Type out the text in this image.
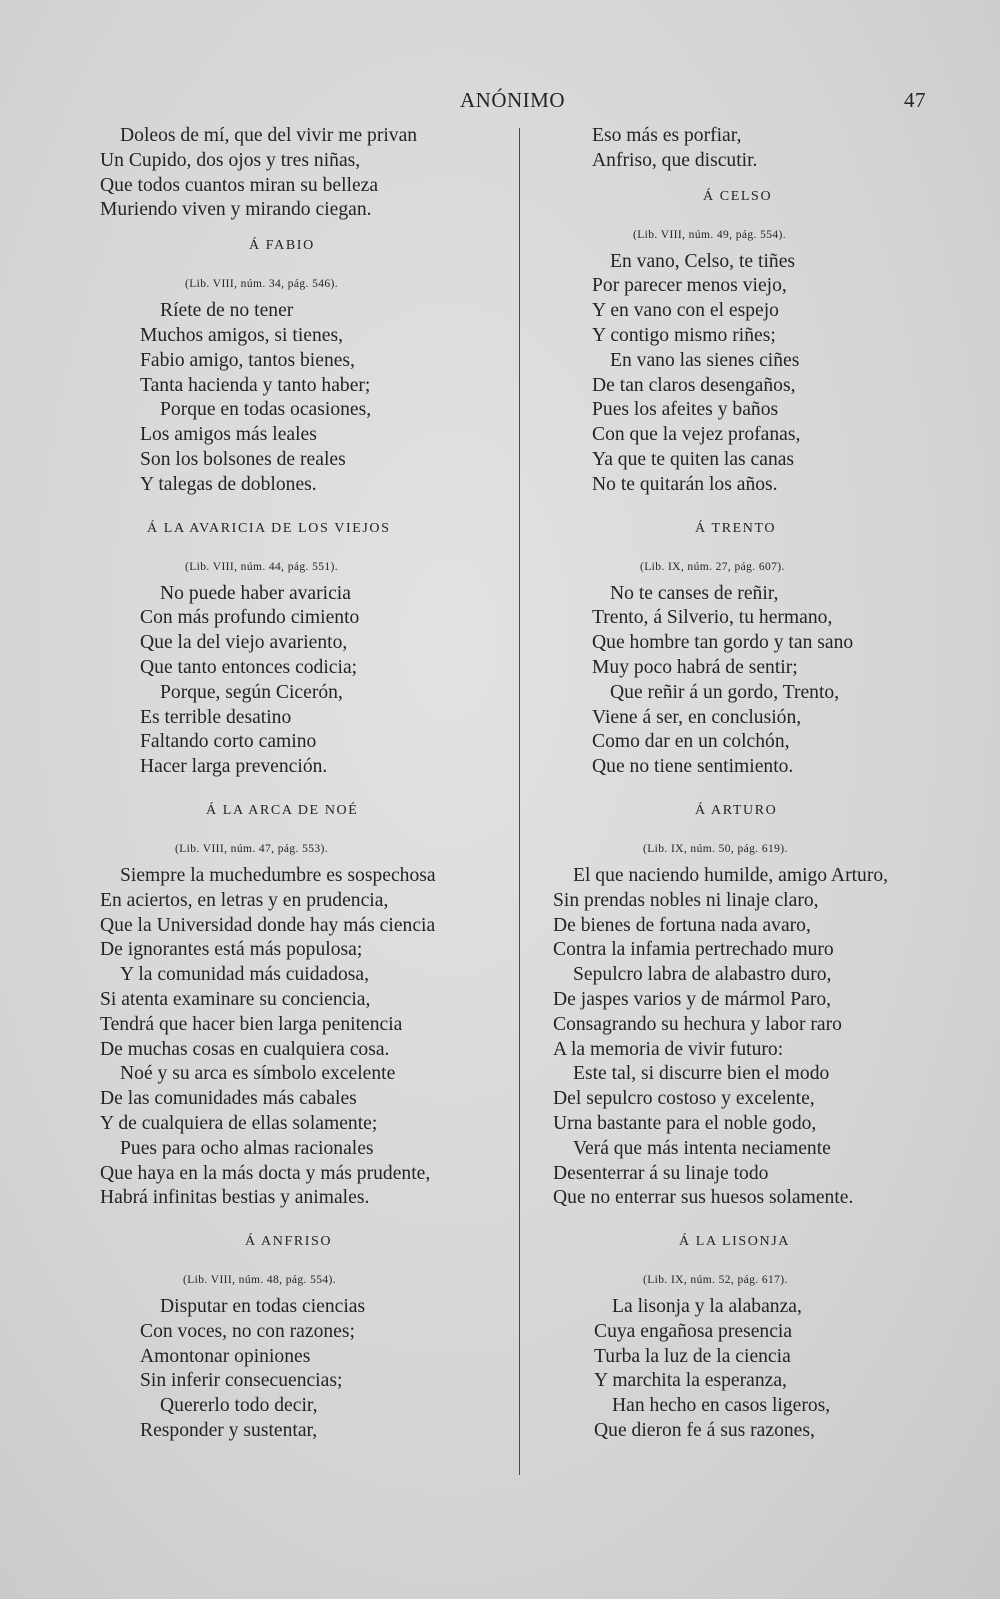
ANÓNIMO	47
Doleos de mí, que del vivir me privan
Un Cupido, dos ojos y tres niñas,
Que todos cuantos miran su belleza
Muriendo viven y mirando ciegan.
Á FABIO
(Lib. VIII, núm. 34, pág. 546).
Ríete de no tener
Muchos amigos, si tienes,
Fabio amigo, tantos bienes,
Tanta hacienda y tanto haber;
Porque en todas ocasiones,
Los amigos más leales
Son los bolsones de reales
Y talegas de doblones.
Á LA AVARICIA DE LOS VIEJOS
(Lib. VIII, núm. 44, pág. 551).
No puede haber avaricia
Con más profundo cimiento
Que la del viejo avariento,
Que tanto entonces codicia;
Porque, según Cicerón,
Es terrible desatino
Faltando corto camino
Hacer larga prevención.
Á LA ARCA DE NOÉ
(Lib. VIII, núm. 47, pág. 553).
Siempre la muchedumbre es sospechosa
En aciertos, en letras y en prudencia,
Que la Universidad donde hay más ciencia
De ignorantes está más populosa;
Y la comunidad más cuidadosa,
Si atenta examinare su conciencia,
Tendrá que hacer bien larga penitencia
De muchas cosas en cualquiera cosa.
Noé y su arca es símbolo excelente
De las comunidades más cabales
Y de cualquiera de ellas solamente;
Pues para ocho almas racionales
Que haya en la más docta y más prudente,
Habrá infinitas bestias y animales.
Á ANFRISO
(Lib. VIII, núm. 48, pág. 554).
Disputar en todas ciencias
Con voces, no con razones;
Amontonar opiniones
Sin inferir consecuencias;
Quererlo todo decir,
Responder y sustentar,
Eso más es porfiar,
Anfriso, que discutir.
Á CELSO
(Lib. VIII, núm. 49, pág. 554).
En vano, Celso, te tiñes
Por parecer menos viejo,
Y en vano con el espejo
Y contigo mismo riñes;
En vano las sienes ciñes
De tan claros desengaños,
Pues los afeites y baños
Con que la vejez profanas,
Ya que te quiten las canas
No te quitarán los años.
Á TRENTO
(Lib. IX, núm. 27, pág. 607).
No te canses de reñir,
Trento, á Silverio, tu hermano,
Que hombre tan gordo y tan sano
Muy poco habrá de sentir;
Que reñir á un gordo, Trento,
Viene á ser, en conclusión,
Como dar en un colchón,
Que no tiene sentimiento.
Á ARTURO
(Lib. IX, núm. 50, pág. 619).
El que naciendo humilde, amigo Arturo,
Sin prendas nobles ni linaje claro,
De bienes de fortuna nada avaro,
Contra la infamia pertrechado muro
Sepulcro labra de alabastro duro,
De jaspes varios y de mármol Paro,
Consagrando su hechura y labor raro
A la memoria de vivir futuro:
Este tal, si discurre bien el modo
Del sepulcro costoso y excelente,
Urna bastante para el noble godo,
Verá que más intenta neciamente
Desenterrar á su linaje todo
Que no enterrar sus huesos solamente.
Á LA LISONJA
(Lib. IX, núm. 52, pág. 617).
La lisonja y la alabanza,
Cuya engañosa presencia
Turba la luz de la ciencia
Y marchita la esperanza,
Han hecho en casos ligeros,
Que dieron fe á sus razones,
